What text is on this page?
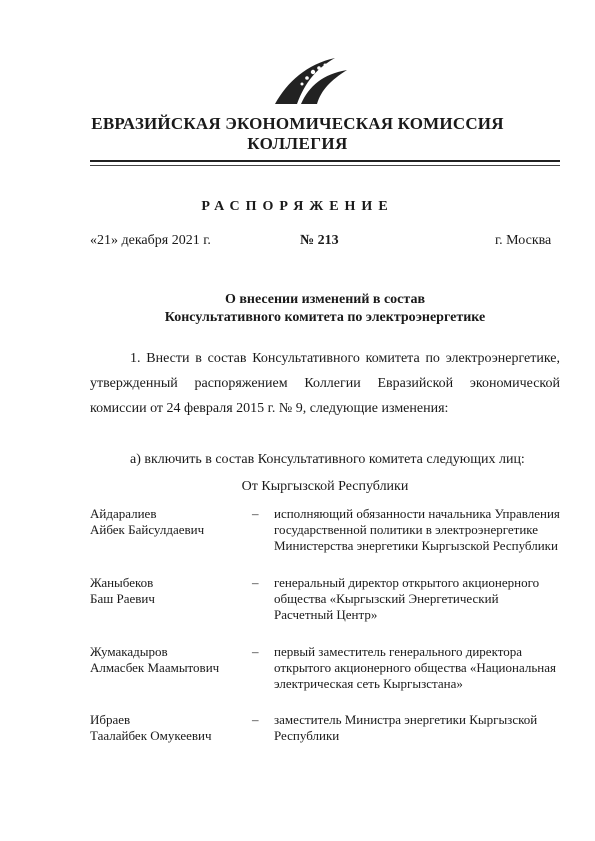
ЕВРАЗИЙСКАЯ ЭКОНОМИЧЕСКАЯ КОМИССИЯ
КОЛЛЕГИЯ
РАСПОРЯЖЕНИЕ
«21» декабря 2021 г.	№ 213	г. Москва
О внесении изменений в состав
Консультативного комитета по электроэнергетике
1. Внести в состав Консультативного комитета по электроэнергетике, утвержденный распоряжением Коллегии Евразийской экономической комиссии от 24 февраля 2015 г. № 9, следующие изменения:
а) включить в состав Консультативного комитета следующих лиц:
От Кыргызской Республики
Айдаралиев
Айбек Байсулдаевич
–	исполняющий обязанности начальника Управления государственной политики в электроэнергетике Министерства энергетики Кыргызской Республики
Жаныбеков
Баш Раевич
–	генеральный директор открытого акционерного общества «Кыргызский Энергетический Расчетный Центр»
Жумакадыров
Алмасбек Маамытович
–	первый заместитель генерального директора открытого акционерного общества «Национальная электрическая сеть Кыргызстана»
Ибраев
Таалайбек Омукеевич
–	заместитель Министра энергетики Кыргызской Республики
